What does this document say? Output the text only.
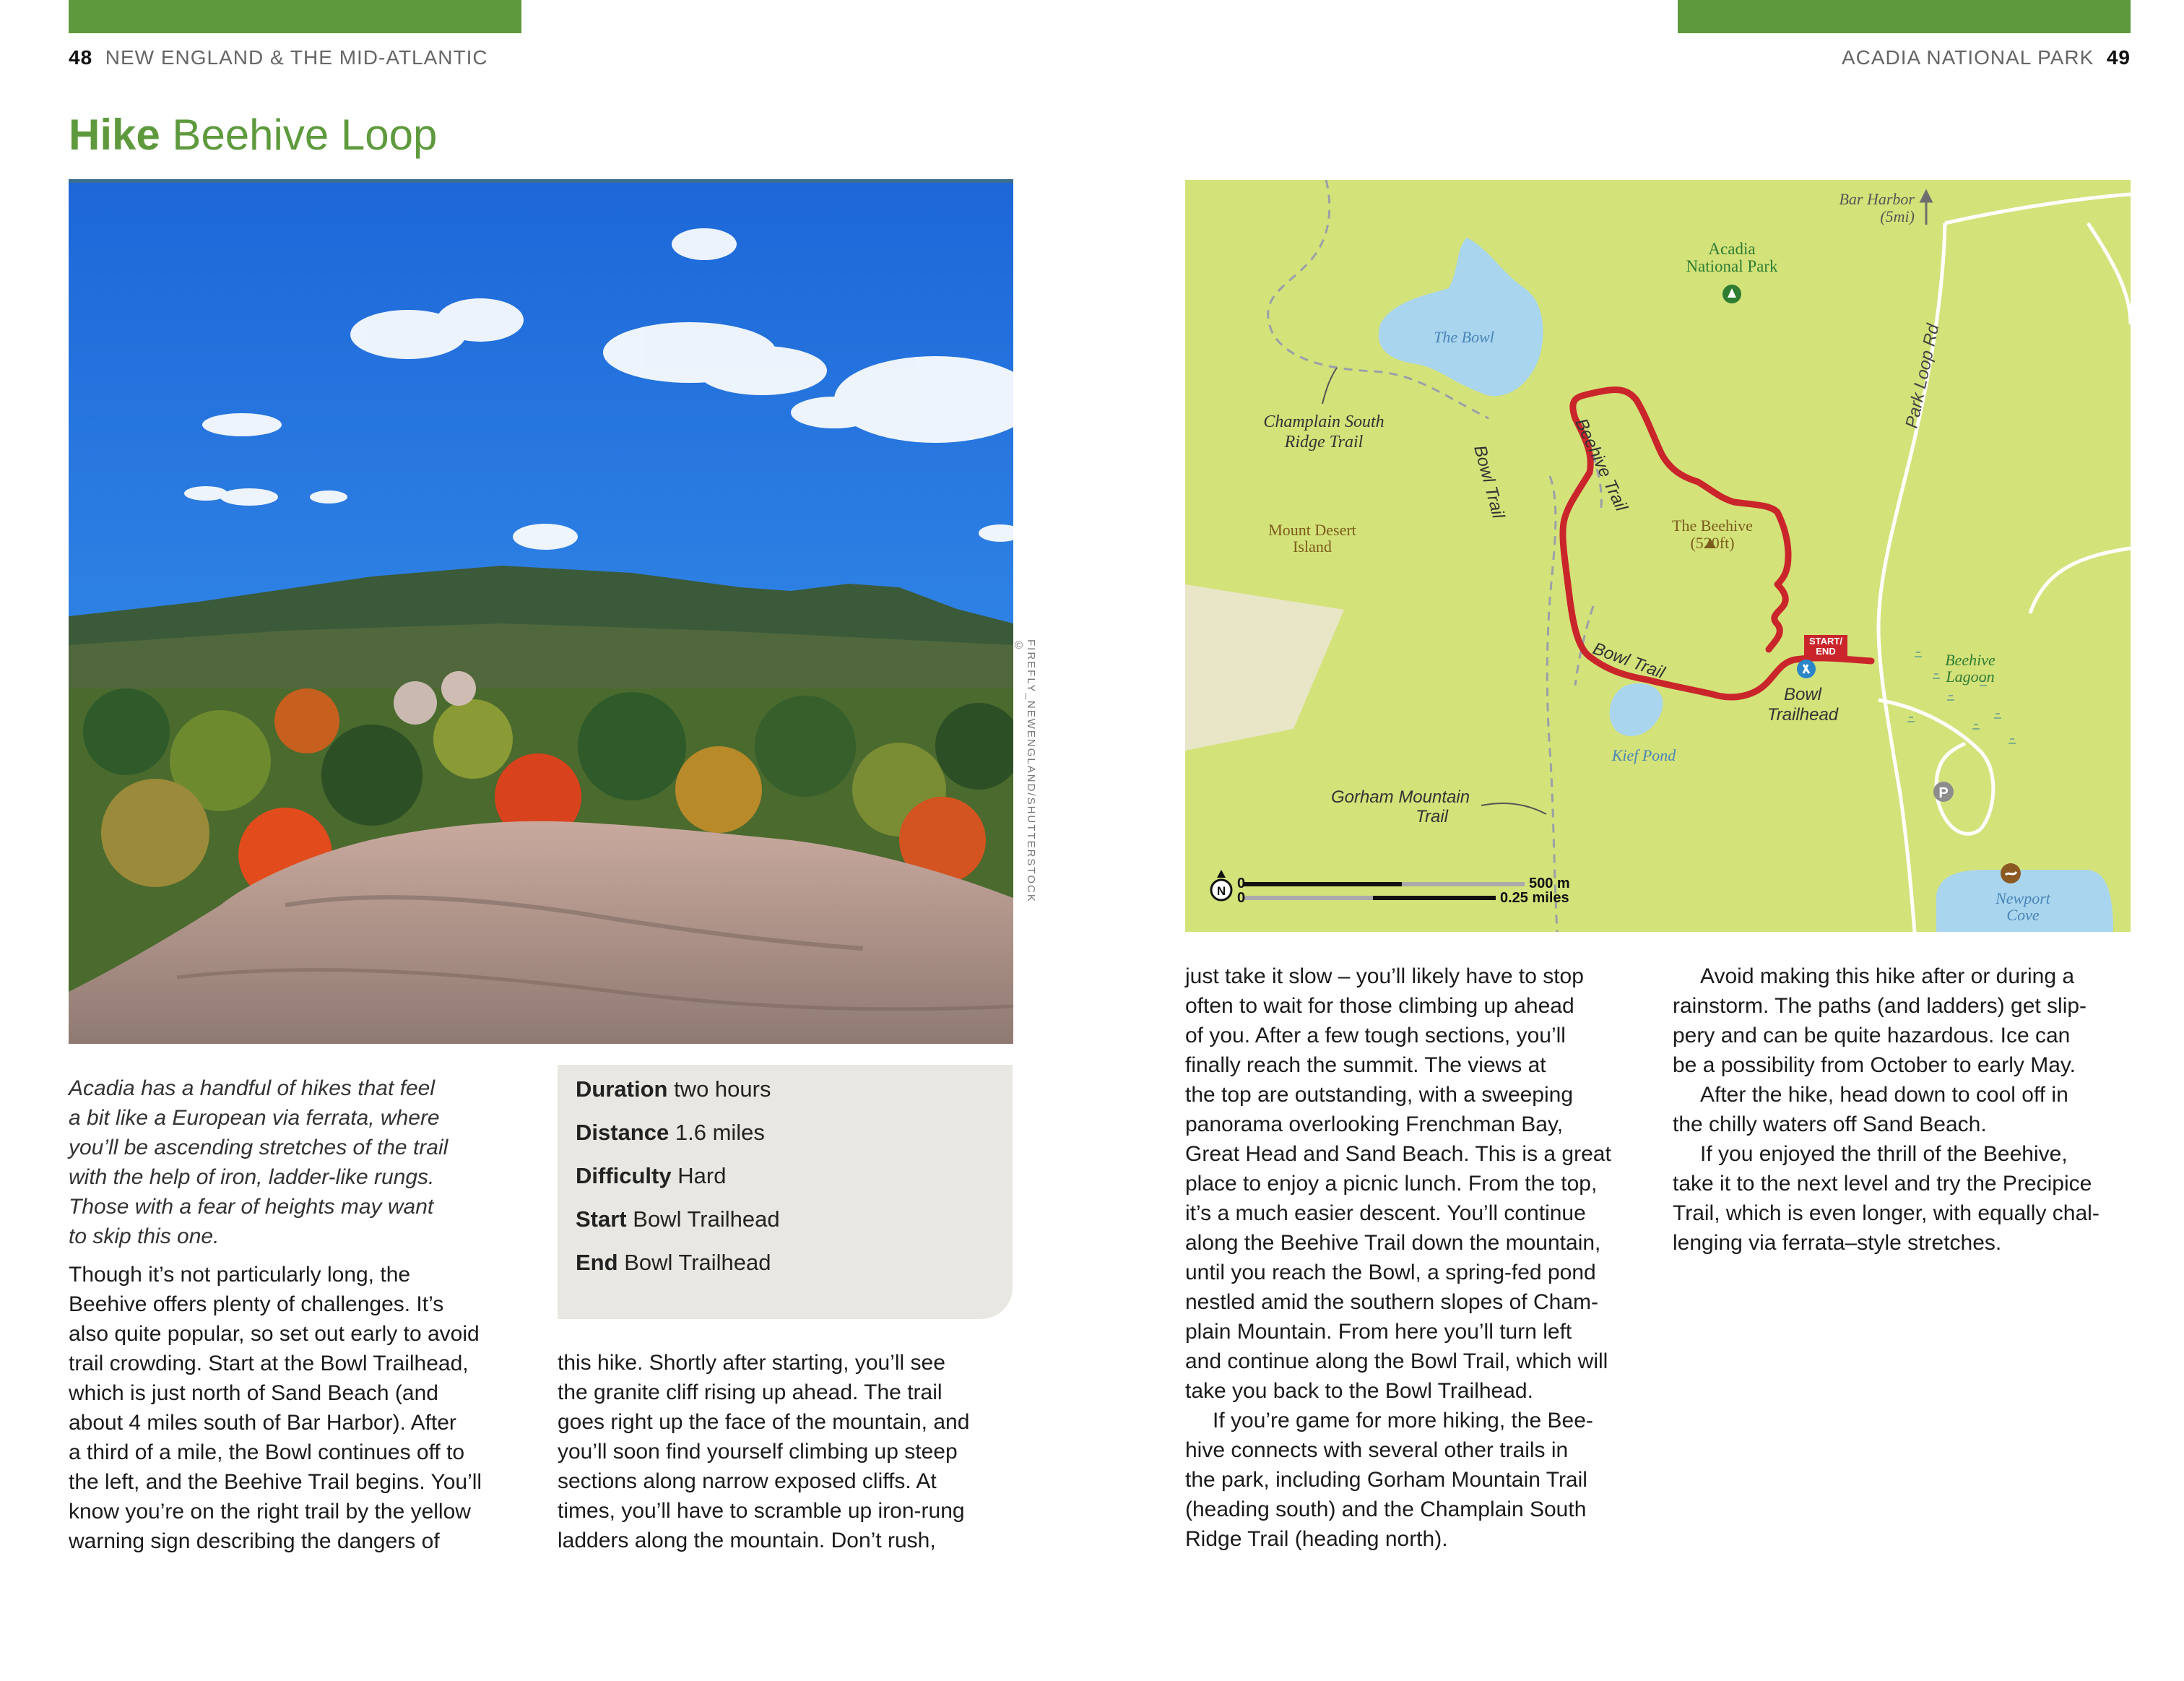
48 NEW ENGLAND & THE MID-ATLANTIC	ACADIA NATIONAL PARK 49
Hike Beehive Loop
FIREFLY_NEWENGLAND/SHUTTERSTOCK ©
Acadia has a handful of hikes that feel
a bit like a European via ferrata, where
you’ll be ascending stretches of the trail
with the help of iron, ladder-like rungs.
Those with a fear of heights may want
to skip this one.
Though it’s not particularly long, the
Beehive offers plenty of challenges. It’s
also quite popular, so set out early to avoid
trail crowding. Start at the Bowl Trailhead,
which is just north of Sand Beach (and
about 4 miles south of Bar Harbor). After
a third of a mile, the Bowl continues off to
the left, and the Beehive Trail begins. You’ll
know you’re on the right trail by the yellow
warning sign describing the dangers of
Duration two hours
Distance 1.6 miles
Difficulty Hard
Start Bowl Trailhead
End Bowl Trailhead
this hike. Shortly after starting, you’ll see
the granite cliff rising up ahead. The trail
goes right up the face of the mountain, and
you’ll soon find yourself climbing up steep
sections along narrow exposed cliffs. At
times, you’ll have to scramble up iron-rung
ladders along the mountain. Don’t rush,
P
START/
END
Bar Harbor
(5mi)
Acadia
National Park
The Bowl
Champlain South
Ridge Trail
Bowl Trail	Beehive Trail
The Beehive
(520ft)
Mount Desert
Island
Park Loop Rd
Bowl Trail
Bowl
Trailhead
Beehive
Lagoon
Kief Pond
Gorham Mountain
Trail
Newport
Cove
N 0	500 m
0	0.25 miles
just take it slow – you’ll likely have to stop
often to wait for those climbing up ahead
of you. After a few tough sections, you’ll
finally reach the summit. The views at
the top are outstanding, with a sweeping
panorama overlooking Frenchman Bay,
Great Head and Sand Beach. This is a great
place to enjoy a picnic lunch. From the top,
it’s a much easier descent. You’ll continue
along the Beehive Trail down the mountain,
until you reach the Bowl, a spring-fed pond
nestled amid the southern slopes of Cham-
plain Mountain. From here you’ll turn left
and continue along the Bowl Trail, which will
take you back to the Bowl Trailhead.
If you’re game for more hiking, the Bee-
hive connects with several other trails in
the park, including Gorham Mountain Trail
(heading south) and the Champlain South
Ridge Trail (heading north).
Avoid making this hike after or during a
rainstorm. The paths (and ladders) get slip-
pery and can be quite hazardous. Ice can
be a possibility from October to early May.
After the hike, head down to cool off in
the chilly waters off Sand Beach.
If you enjoyed the thrill of the Beehive,
take it to the next level and try the Precipice
Trail, which is even longer, with equally chal-
lenging via ferrata–style stretches.
